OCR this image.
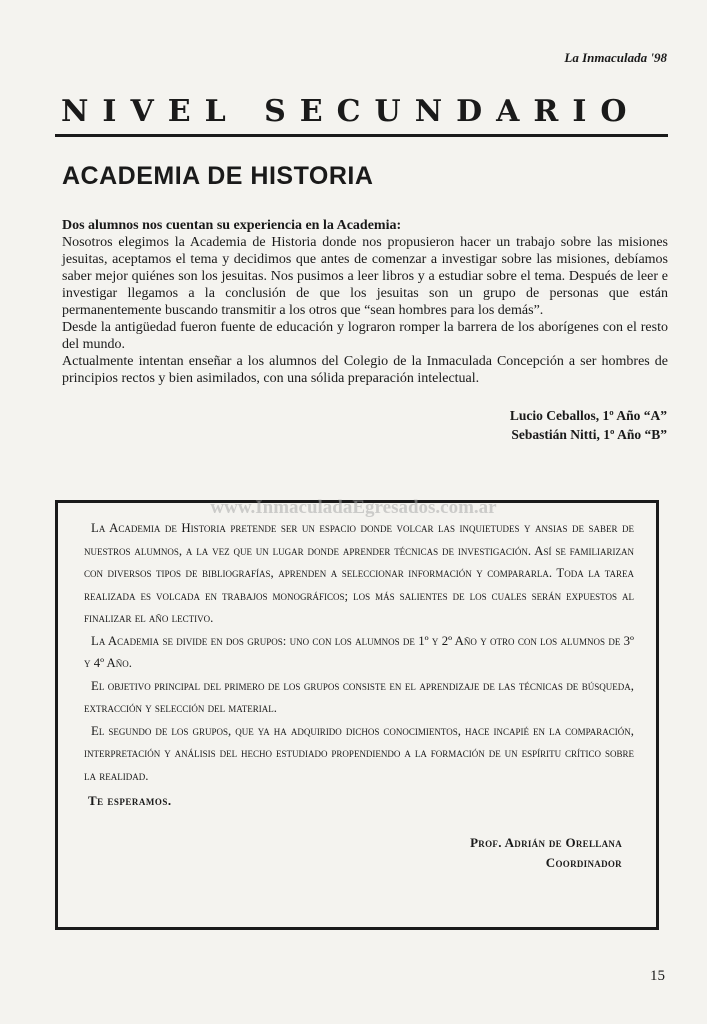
La Inmaculada '98
NIVEL SECUNDARIO
ACADEMIA DE HISTORIA

Dos alumnos nos cuentan su experiencia en la Academia:

Nosotros elegimos la Academia de Historia donde nos propusieron hacer un trabajo sobre las misiones jesuitas, aceptamos el tema y decidimos que antes de comenzar a investigar sobre las misiones, debíamos saber mejor quiénes son los jesuitas. Nos pusimos a leer libros y a estudiar sobre el tema. Después de leer e investigar llegamos a la conclusión de que los jesuitas son un grupo de personas que están permanentemente buscando transmitir a los otros que “sean hombres para los demás”.

Desde la antigüedad fueron fuente de educación y lograron romper la barrera de los aborígenes con el resto del mundo.

Actualmente intentan enseñar a los alumnos del Colegio de la Inmaculada Concepción a ser hombres de principios rectos y bien asimilados, con una sólida preparación intelectual.

Lucio Ceballos, 1º Año “A”
Sebastián Nitti, 1º Año “B”

La Academia de Historia pretende ser un espacio donde volcar las inquietudes y ansias de saber de nuestros alumnos, a la vez que un lugar donde aprender técnicas de investigación. Así se familiarizan con diversos tipos de bibliografías, aprenden a seleccionar información y compararla. Toda la tarea realizada es volcada en trabajos monográficos; los más salientes de los cuales serán expuestos al finalizar el año lectivo.

La Academia se divide en dos grupos: uno con los alumnos de 1º y 2º Año y otro con los alumnos de 3º y 4º Año.

El objetivo principal del primero de los grupos consiste en el aprendizaje de las técnicas de búsqueda, extracción y selección del material.

El segundo de los grupos, que ya ha adquirido dichos conocimientos, hace incapié en la comparación, interpretación y análisis del hecho estudiado propendiendo a la formación de un espíritu crítico sobre la realidad.

Te esperamos.
Prof. Adrián de Orellana
Coordinador
www.InmaculadaEgresados.com.ar
15
